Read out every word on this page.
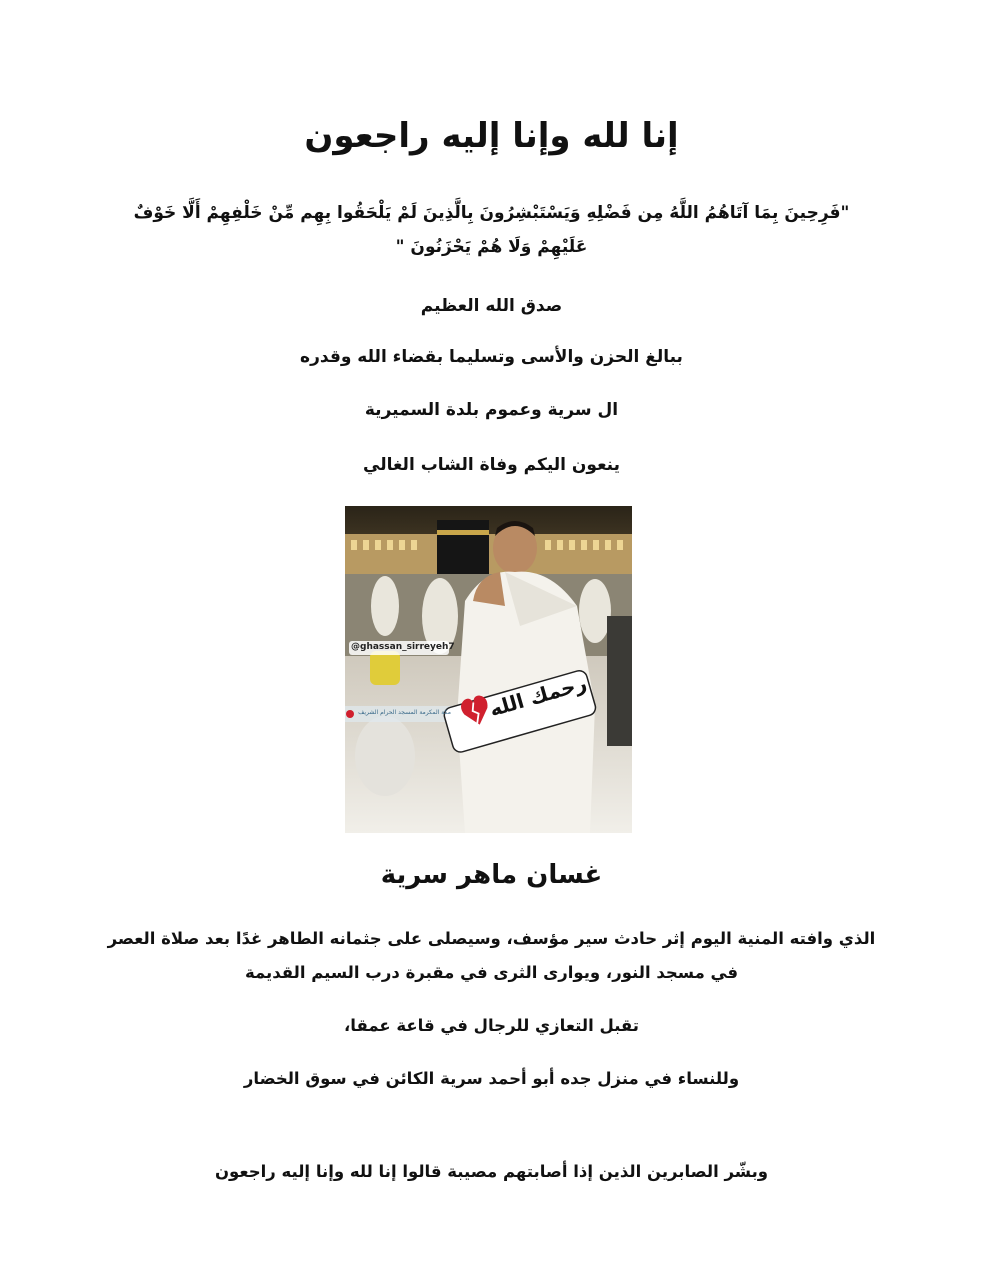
إنا لله وإنا إليه راجعون
"فَرِحِينَ بِمَا آتَاهُمُ اللَّهُ مِن فَضْلِهِ وَيَسْتَبْشِرُونَ بِالَّذِينَ لَمْ يَلْحَقُوا بِهِم مِّنْ خَلْفِهِمْ أَلَّا خَوْفٌ عَلَيْهِمْ وَلَا هُمْ يَحْزَنُونَ "
صدق الله العظيم
ببالغ الحزن والأسى وتسليما بقضاء الله وقدره
ال سرية وعموم بلدة السميرية
ينعون اليكم وفاة الشاب الغالي
@ghassan_sirreyeh7
مكة المكرمة المسجد الحرام الشريف رحمك الله
غسان ماهر سرية
الذي وافته المنية اليوم إثر حادث سير مؤسف، وسيصلى على جثمانه الطاهر غدًا بعد صلاة العصر في مسجد النور، ويوارى الثرى في مقبرة درب السيم القديمة
تقبل التعازي للرجال في قاعة عمقا،
وللنساء في منزل جده أبو أحمد سرية الكائن في سوق الخضار
وبشّر الصابرين الذين إذا أصابتهم مصيبة قالوا إنا لله وإنا إليه راجعون
